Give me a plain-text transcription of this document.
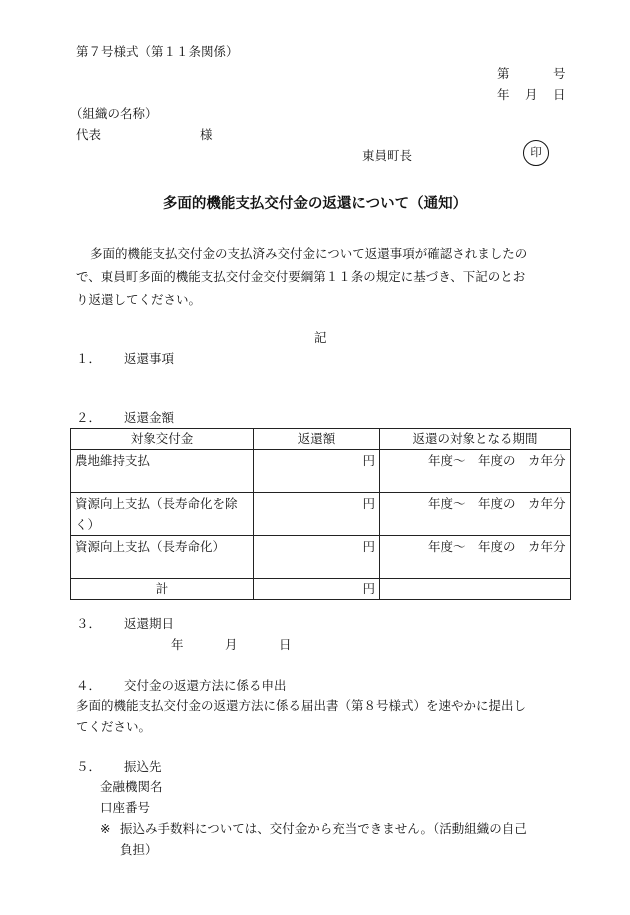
第７号様式（第１１条関係）
第	号
年 月 日
（組織の名称）
代表	様
東員町長	印
多面的機能支払交付金の返還について（通知）
多面的機能支払交付金の支払済み交付金について返還事項が確認されましたの
で、東員町多面的機能支払交付金交付要綱第１１条の規定に基づき、下記のとお
り返還してください。
記
１． 返還事項
２． 返還金額
対象交付金	返還額	返還の対象となる期間
農地維持支払	円	年度～　年度の　カ年分
資源向上支払（長寿命化を除く）	円	年度～　年度の　カ年分
資源向上支払（長寿命化）	円	年度～　年度の　カ年分
計	円	
３． 返還期日
年	月	日
４． 交付金の返還方法に係る申出
多面的機能支払交付金の返還方法に係る届出書（第８号様式）を速やかに提出し
てください。
５． 振込先
金融機関名
口座番号
※ 振込み手数料については、交付金から充当できません。（活動組織の自己
負担）
